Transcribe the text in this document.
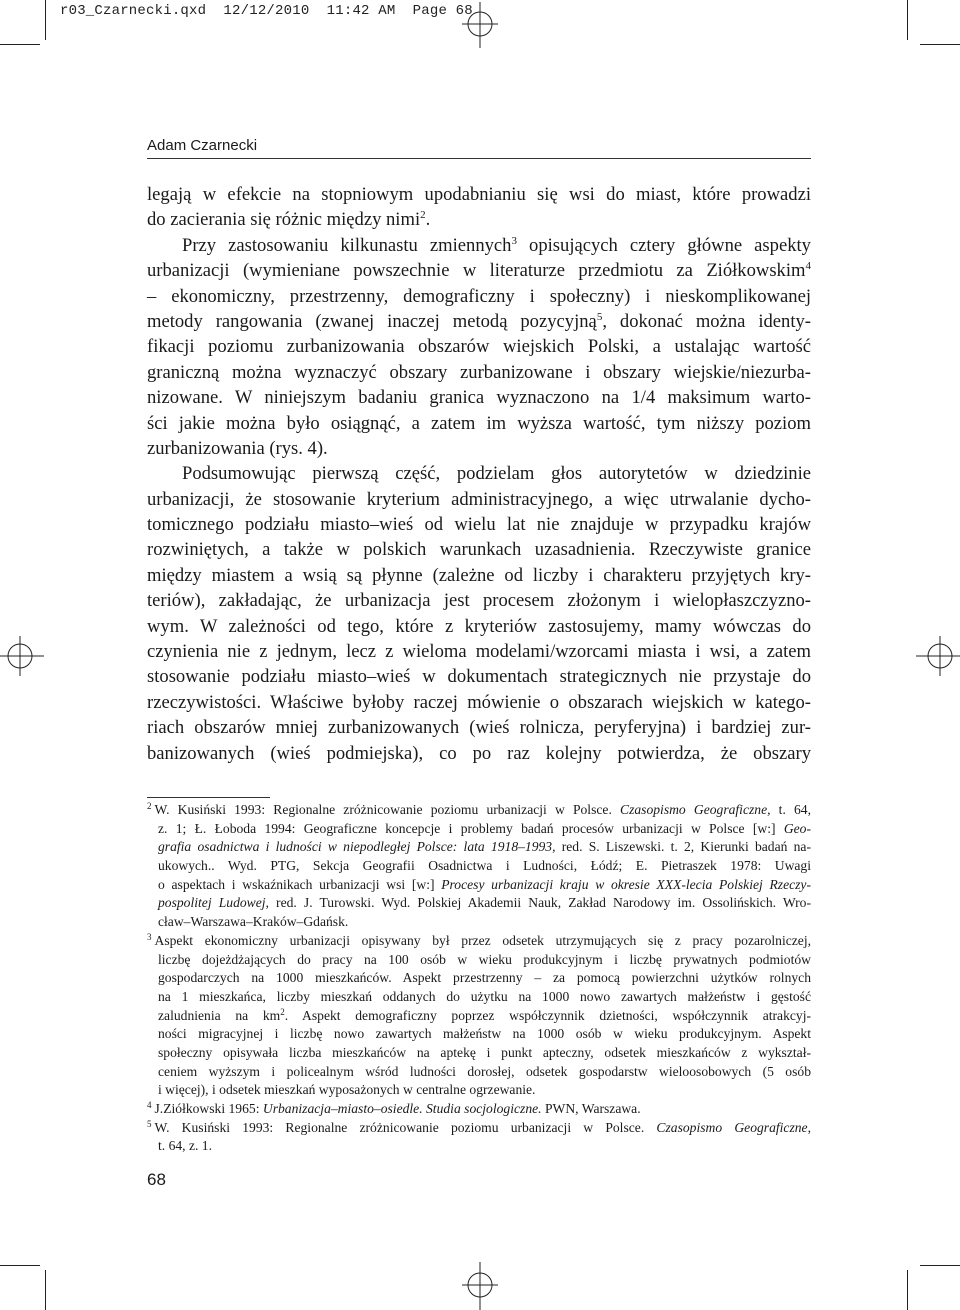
r03_Czarnecki.qxd  12/12/2010  11:42 AM  Page 68
Adam Czarnecki
legają w efekcie na stopniowym upodabnianiu się wsi do miast, które prowadzi
do zacierania się różnic między nimi$^2$.
Przy zastosowaniu kilkunastu zmiennych$^3$ opisujących cztery główne aspekty
urbanizacji (wymieniane powszechnie w literaturze przedmiotu za Ziółkowskim$^4$
– ekonomiczny, przestrzenny, demograficzny i społeczny) i nieskomplikowanej
metody rangowania (zwanej inaczej metodą pozycyjną$^5$, dokonać można identy-
fikacji poziomu zurbanizowania obszarów wiejskich Polski, a ustalając wartość
graniczną można wyznaczyć obszary zurbanizowane i obszary wiejskie/niezurba-
nizowane. W niniejszym badaniu granica wyznaczono na 1/4 maksimum warto-
ści jakie można było osiągnąć, a zatem im wyższa wartość, tym niższy poziom
zurbanizowania (rys. 4).
Podsumowując pierwszą część, podzielam głos autorytetów w dziedzinie
urbanizacji, że stosowanie kryterium administracyjnego, a więc utrwalanie dycho-
tomicznego podziału miasto–wieś od wielu lat nie znajduje w przypadku krajów
rozwiniętych, a także w polskich warunkach uzasadnienia. Rzeczywiste granice
między miastem a wsią są płynne (zależne od liczby i charakteru przyjętych kry-
teriów), zakładając, że urbanizacja jest procesem złożonym i wielopłaszczyzno-
wym. W zależności od tego, które z kryteriów zastosujemy, mamy wówczas do
czynienia nie z jednym, lecz z wieloma modelami/wzorcami miasta i wsi, a zatem
stosowanie podziału miasto–wieś w dokumentach strategicznych nie przystaje do
rzeczywistości. Właściwe byłoby raczej mówienie o obszarach wiejskich w katego-
riach obszarów mniej zurbanizowanych (wieś rolnicza, peryferyjna) i bardziej zur-
banizowanych (wieś podmiejska), co po raz kolejny potwierdza, że obszary
$^2$ W. Kusiński 1993: Regionalne zróżnicowanie poziomu urbanizacji w Polsce. Czasopismo Geograficzne, t. 64,
z. 1; Ł. Łoboda 1994: Geograficzne koncepcje i problemy badań procesów urbanizacji w Polsce [w:] Geo-
grafia osadnictwa i ludności w niepodległej Polsce: lata 1918–1993, red. S. Liszewski. t. 2, Kierunki badań na-
ukowych.. Wyd. PTG, Sekcja Geografii Osadnictwa i Ludności, Łódź; E. Pietraszek 1978: Uwagi
o aspektach i wskaźnikach urbanizacji wsi [w:] Procesy urbanizacji kraju w okresie XXX-lecia Polskiej Rzeczy-
pospolitej Ludowej, red. J. Turowski. Wyd. Polskiej Akademii Nauk, Zakład Narodowy im. Ossolińskich. Wro-
cław–Warszawa–Kraków–Gdańsk.
$^3$ Aspekt ekonomiczny urbanizacji opisywany był przez odsetek utrzymujących się z pracy pozarolniczej,
liczbę dojeżdżających do pracy na 100 osób w wieku produkcyjnym i liczbę prywatnych podmiotów
gospodarczych na 1000 mieszkańców. Aspekt przestrzenny – za pomocą powierzchni użytków rolnych
na 1 mieszkańca, liczby mieszkań oddanych do użytku na 1000 nowo zawartych małżeństw i gęstość
zaludnienia na $km^2$. Aspekt demograficzny poprzez współczynnik dzietności, współczynnik atrakcyj-
ności migracyjnej i liczbę nowo zawartych małżeństw na 1000 osób w wieku produkcyjnym. Aspekt
społeczny opisywała liczba mieszkańców na aptekę i punkt apteczny, odsetek mieszkańców z wykształ-
ceniem wyższym i policealnym wśród ludności dorosłej, odsetek gospodarstw wieloosobowych (5 osób
i więcej), i odsetek mieszkań wyposażonych w centralne ogrzewanie.
$^4$ J.Ziółkowski 1965: Urbanizacja–miasto–osiedle. Studia socjologiczne. PWN, Warszawa.
$^5$ W. Kusiński 1993: Regionalne zróżnicowanie poziomu urbanizacji w Polsce. Czasopismo Geograficzne,
t. 64, z. 1.
68
